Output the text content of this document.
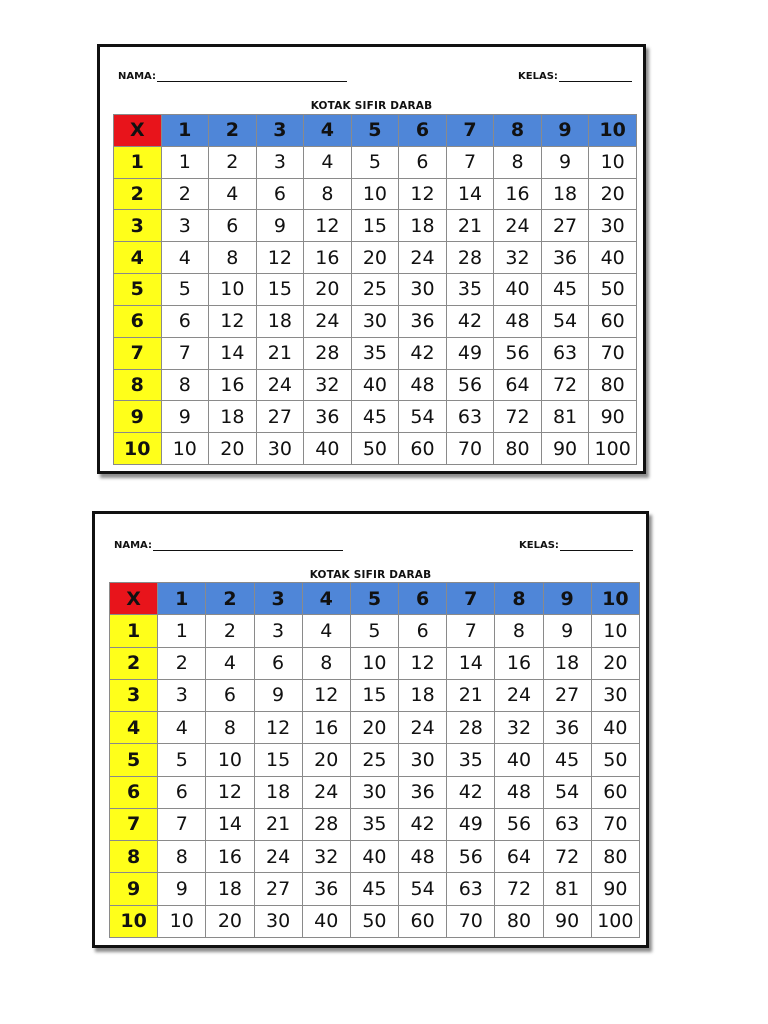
NAMA:	KELAS:
KOTAK SIFIR DARAB
X	1	2	3	4	5	6	7	8	9	10
1	1	2	3	4	5	6	7	8	9	10
2	2	4	6	8	10	12	14	16	18	20
3	3	6	9	12	15	18	21	24	27	30
4	4	8	12	16	20	24	28	32	36	40
5	5	10	15	20	25	30	35	40	45	50
6	6	12	18	24	30	36	42	48	54	60
7	7	14	21	28	35	42	49	56	63	70
8	8	16	24	32	40	48	56	64	72	80
9	9	18	27	36	45	54	63	72	81	90
10	10	20	30	40	50	60	70	80	90	100
NAMA:	KELAS:
KOTAK SIFIR DARAB
X	1	2	3	4	5	6	7	8	9	10
1	1	2	3	4	5	6	7	8	9	10
2	2	4	6	8	10	12	14	16	18	20
3	3	6	9	12	15	18	21	24	27	30
4	4	8	12	16	20	24	28	32	36	40
5	5	10	15	20	25	30	35	40	45	50
6	6	12	18	24	30	36	42	48	54	60
7	7	14	21	28	35	42	49	56	63	70
8	8	16	24	32	40	48	56	64	72	80
9	9	18	27	36	45	54	63	72	81	90
10	10	20	30	40	50	60	70	80	90	100
